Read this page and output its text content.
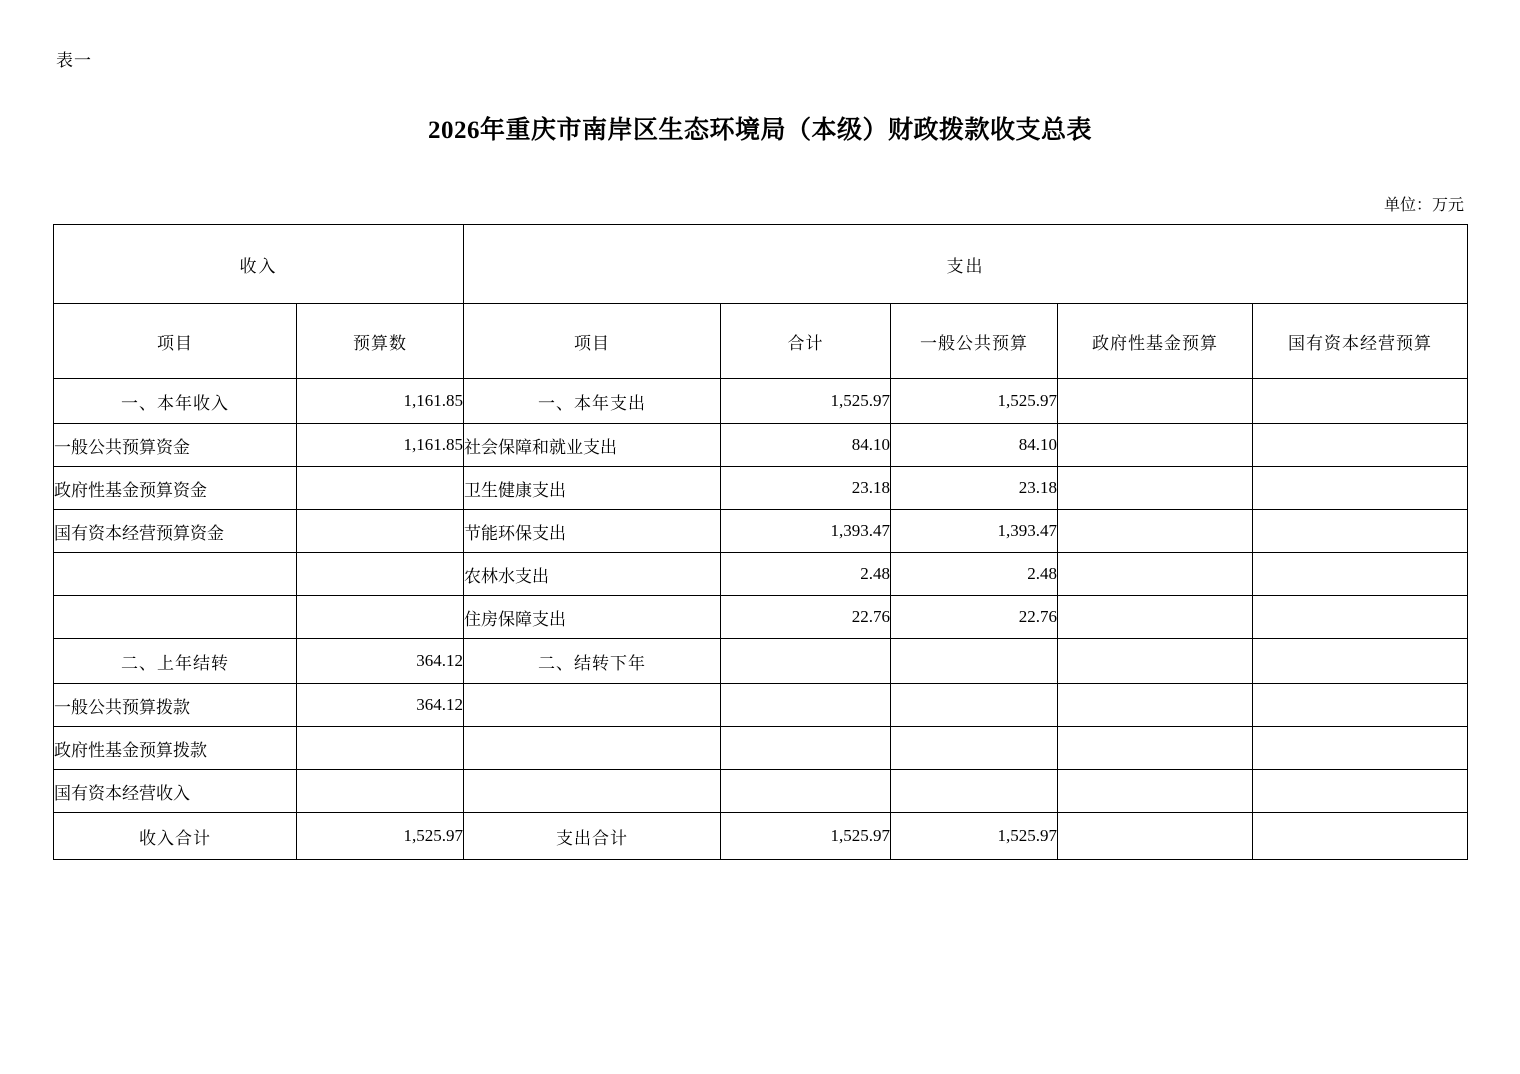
表一
2026年重庆市南岸区生态环境局（本级）财政拨款收支总表
单位：万元
收入		支出				
项目	预算数	项目	合计	一般公共预算	政府性基金预算	国有资本经营预算
一、本年收入	1,161.85	一、本年支出	1,525.97	1,525.97		
一般公共预算资金	1,161.85	社会保障和就业支出	84.10	84.10		
政府性基金预算资金		卫生健康支出	23.18	23.18		
国有资本经营预算资金		节能环保支出	1,393.47	1,393.47		
		农林水支出	2.48	2.48		
		住房保障支出	22.76	22.76		
二、上年结转	364.12	二、结转下年				
一般公共预算拨款	364.12					
政府性基金预算拨款						
国有资本经营收入						
收入合计	1,525.97	支出合计	1,525.97	1,525.97		
